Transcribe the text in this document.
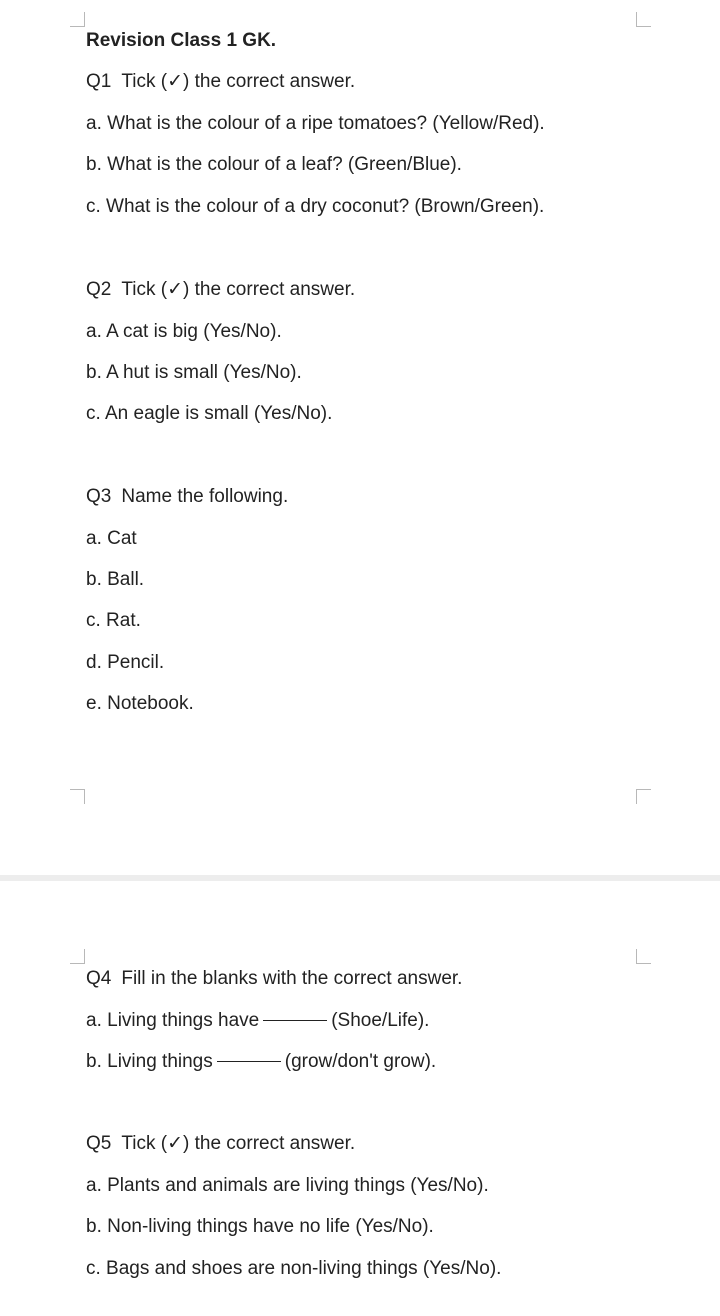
Revision Class 1 GK.
Q1 Tick (✓) the correct answer.
a. What is the colour of a ripe tomatoes? (Yellow/Red).
b. What is the colour of a leaf? (Green/Blue).
c. What is the colour of a dry coconut? (Brown/Green).
Q2 Tick (✓) the correct answer.
a. A cat is big (Yes/No).
b. A hut is small (Yes/No).
c. An eagle is small (Yes/No).
Q3 Name the following.
a. Cat
b. Ball.
c. Rat.
d. Pencil.
e. Notebook.
Q4 Fill in the blanks with the correct answer.
a. Living things have	(Shoe/Life).
b. Living things	(grow/don't grow).
Q5 Tick (✓) the correct answer.
a. Plants and animals are living things (Yes/No).
b. Non-living things have no life (Yes/No).
c. Bags and shoes are non-living things (Yes/No).
